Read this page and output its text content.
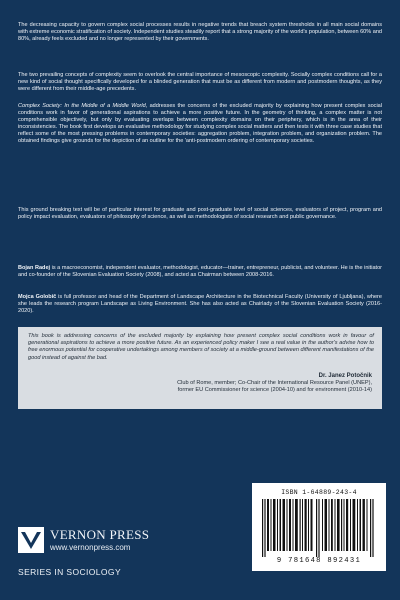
The decreasing capacity to govern complex social processes results in negative trends that breach system thresholds in all main social domains with extreme economic stratification of society. Independent studies steadily report that a strong majority of the world's population, between 60% and 80%, already feels excluded and no longer represented by their governments.

The two prevailing concepts of complexity seem to overlook the central importance of mesoscopic complexity. Socially complex conditions call for a new kind of social thought specifically developed for a blinded generation that must be as different from modern and postmodern thoughts, as they were different from their middle-age precedents.

Complex Society: In the Middle of a Middle World, addresses the concerns of the excluded majority by explaining how present complex social conditions work in favor of generational aspirations to achieve a more positive future. In the geometry of thinking, a complex matter is not comprehensible objectively, but only by evaluating overlaps between complexity domains on their periphery, which is in the area of their inconsistencies. The book first develops an evaluative methodology for studying complex social matters and then tests it with three case studies that reflect some of the most pressing problems in contemporary societies: aggregation problem, integration problem, and organization problem. The obtained findings give grounds for the depiction of an outline for the 'anti-postmodern ordering of contemporary societies.

This ground breaking text will be of particular interest for graduate and post-graduate level of social sciences, evaluators of project, program and policy impact evaluation, evaluators of philosophy of science, as well as methodologists of social research and public governance.

Bojan Radej is a macroeconomist, independent evaluator, methodologist, educator—trainer, entrepreneur, publicist, and volunteer. He is the initiator and co-founder of the Slovenian Evaluation Society (2008), and acted as Chairman between 2008-2016.

Mojca Golobič is full professor and head of the Department of Landscape Architecture in the Biotechnical Faculty (University of Ljubljana), where she leads the research program Landscape as Living Environment. She has also acted as Chairlady of the Slovenian Evaluation Society (2016-2020).

This book is addressing concerns of the excluded majority by explaining how present complex social conditions work in favour of generational aspirations to achieve a more positive future. As an experienced policy maker I see a real value in the author's advise how to free enormous potential for cooperative undertakings among members of society at a middle-ground between different manifestations of the good instead of against the bad.
Dr. Janez Potočnik
Club of Rome, member; Co-Chair of the International Resource Panel (UNEP),
former EU Commissioner for science (2004-10) and for environment (2010-14)
ISBN 1-64889-243-4
9 781648 892431
VERNON PRESS
www.vernonpress.com
SERIES IN SOCIOLOGY
